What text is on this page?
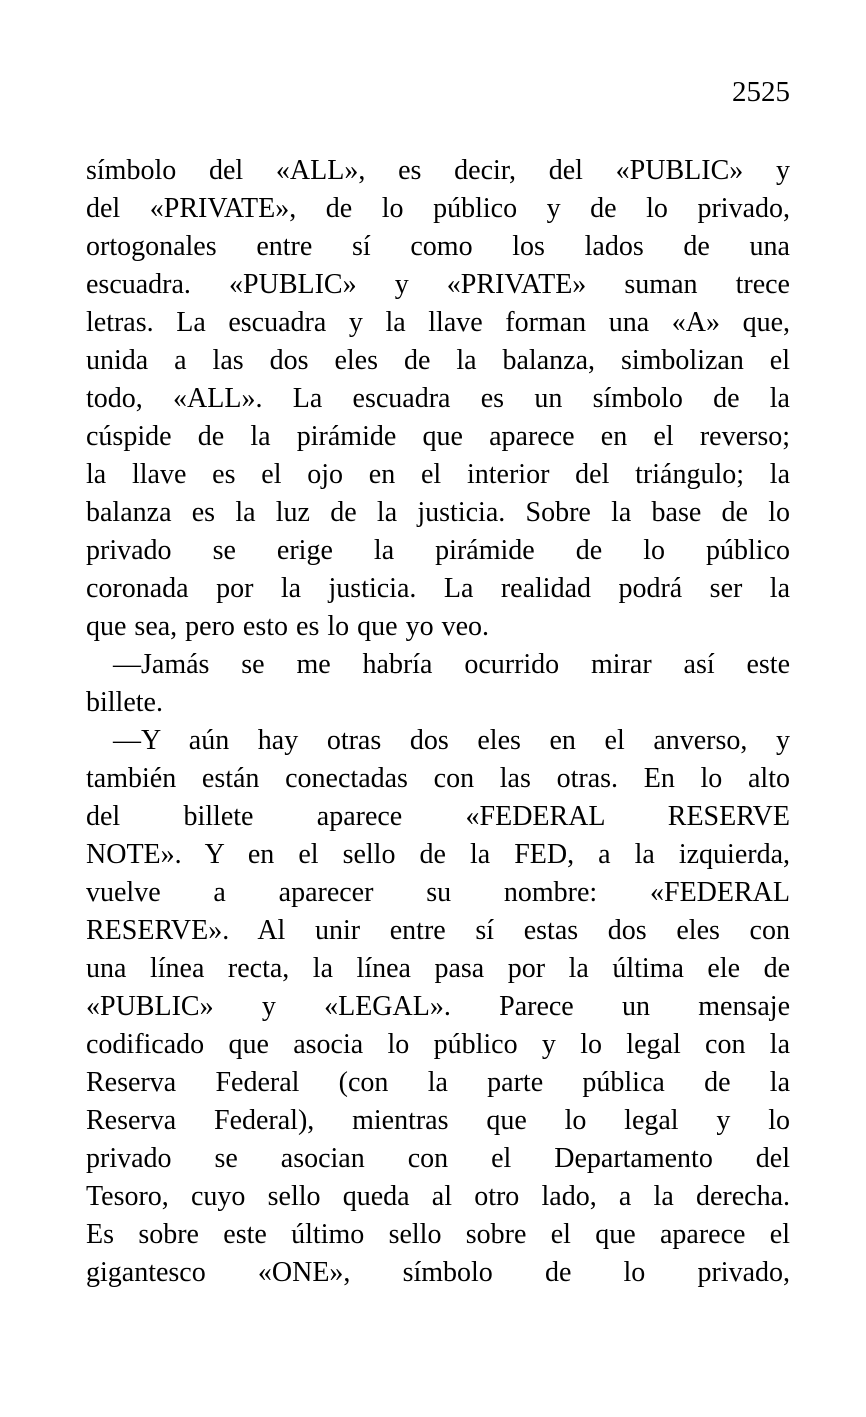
2525
símbolo del «ALL», es decir, del «PUBLIC» y
del «PRIVATE», de lo público y de lo privado,
ortogonales entre sí como los lados de una
escuadra. «PUBLIC» y «PRIVATE» suman trece
letras. La escuadra y la llave forman una «A» que,
unida a las dos eles de la balanza, simbolizan el
todo, «ALL». La escuadra es un símbolo de la
cúspide de la pirámide que aparece en el reverso;
la llave es el ojo en el interior del triángulo; la
balanza es la luz de la justicia. Sobre la base de lo
privado se erige la pirámide de lo público
coronada por la justicia. La realidad podrá ser la
que sea, pero esto es lo que yo veo.
—Jamás se me habría ocurrido mirar así este
billete.
—Y aún hay otras dos eles en el anverso, y
también están conectadas con las otras. En lo alto
del billete aparece «FEDERAL RESERVE
NOTE». Y en el sello de la FED, a la izquierda,
vuelve a aparecer su nombre: «FEDERAL
RESERVE». Al unir entre sí estas dos eles con
una línea recta, la línea pasa por la última ele de
«PUBLIC» y «LEGAL». Parece un mensaje
codificado que asocia lo público y lo legal con la
Reserva Federal (con la parte pública de la
Reserva Federal), mientras que lo legal y lo
privado se asocian con el Departamento del
Tesoro, cuyo sello queda al otro lado, a la derecha.
Es sobre este último sello sobre el que aparece el
gigantesco «ONE», símbolo de lo privado,
